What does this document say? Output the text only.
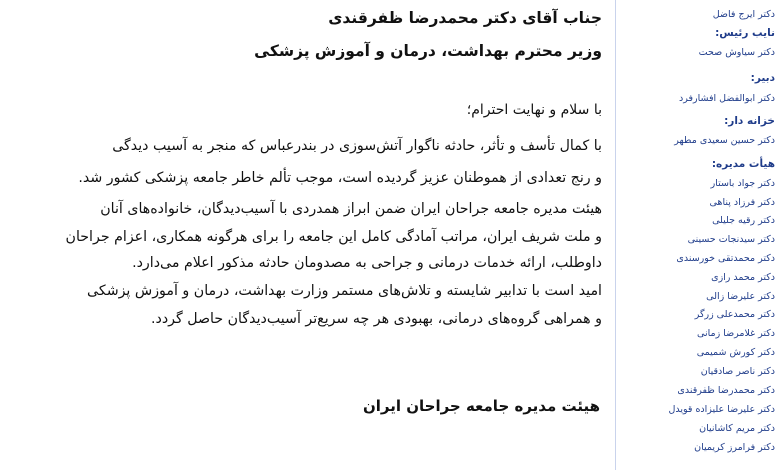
جناب آقای دکتر محمدرضا ظفرقندی
وزیر محترم بهداشت، درمان و آموزش پزشکی
با سلام و نهایت احترام؛
با کمال تأسف و تأثر، حادثه ناگوار آتش‌سوزی در بندرعباس که منجر به آسیب دیدگی
و رنج تعدادی از هموطنان عزیز گردیده است، موجب تألم خاطر جامعه پزشکی کشور شد.
هیئت مدیره جامعه جراحان ایران ضمن ابراز همدردی با آسیب‌دیدگان، خانواده‌های آنان
و ملت شریف ایران، مراتب آمادگی کامل این جامعه را برای هرگونه همکاری، اعزام جراحان
داوطلب، ارائه خدمات درمانی و جراحی به مصدومان حادثه مذکور اعلام می‌دارد.
امید است با تدابیر شایسته و تلاش‌های مستمر وزارت بهداشت، درمان و آموزش پزشکی
و همراهی گروه‌های درمانی، بهبودی هر چه سریع‌تر آسیب‌دیدگان حاصل گردد.
هیئت مدیره جامعه جراحان ایران
دکتر ایرج فاضل
نایب رئیس:
دکتر سیاوش صحت
دبیر:
دکتر ابوالفضل افشارفرد
خزانه دار:
دکتر حسین سعیدی مطهر
هیأت مدیره:
دکتر جواد باستار
دکتر فرزاد پناهی
دکتر رقیه جلیلی
دکتر سیدنجات حسینی
دکتر محمدتقی خورسندی
دکتر محمد رازی
دکتر علیرضا زالی
دکتر محمدعلی زرگر
دکتر غلامرضا زمانی
دکتر کورش شمیمی
دکتر ناصر صادقیان
دکتر محمدرضا ظفرقندی
دکتر علیرضا علیزاده قویدل
دکتر مریم کاشانیان
دکتر فرامرز کریمیان
